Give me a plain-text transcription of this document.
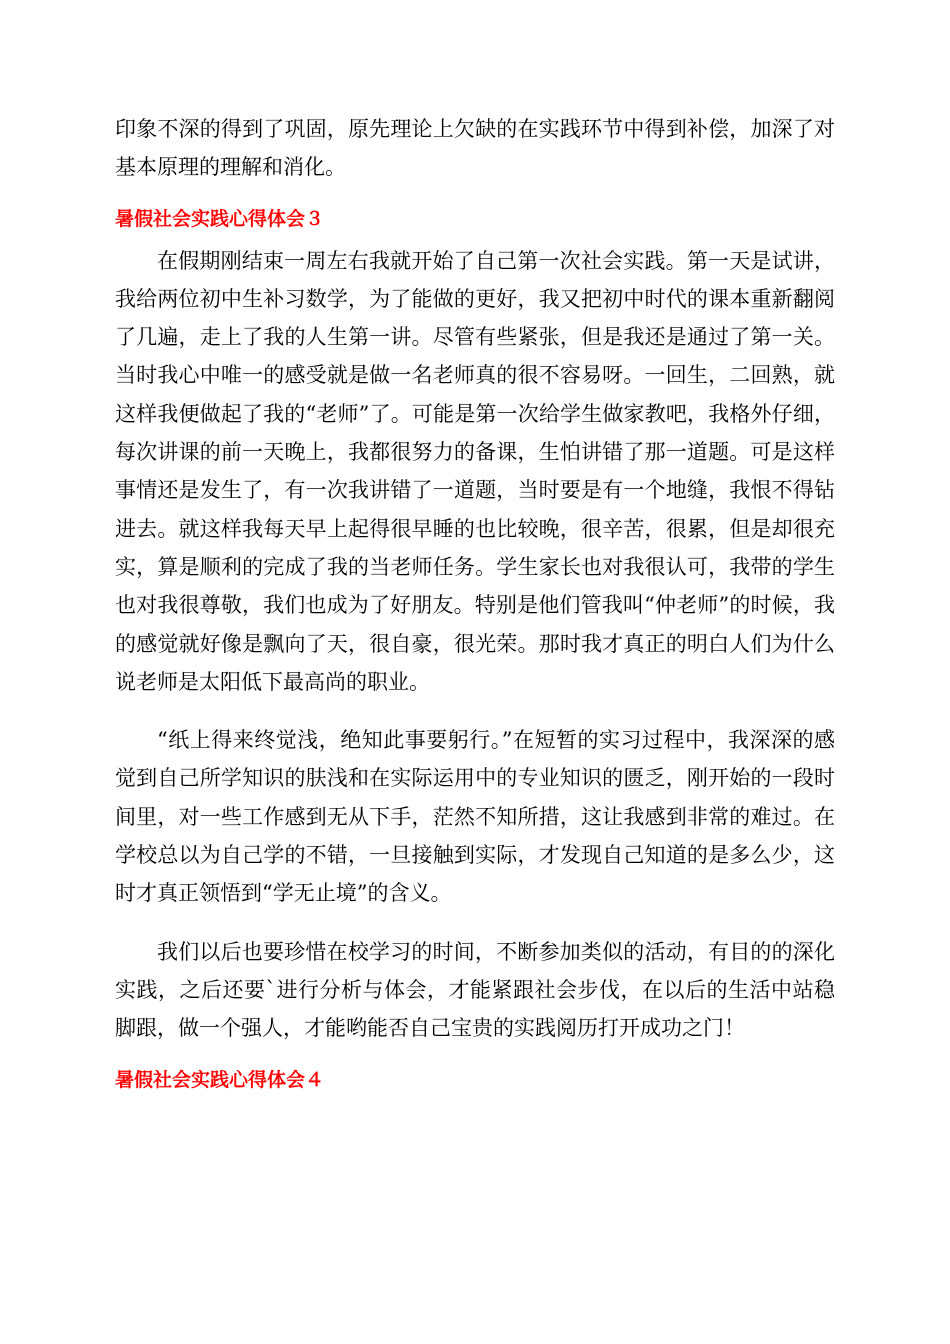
印象不深的得到了巩固，原先理论上欠缺的在实践环节中得到补偿，加深了对基本原理的理解和消化。

暑假社会实践心得体会３

在假期刚结束一周左右我就开始了自己第一次社会实践。第一天是试讲，我给两位初中生补习数学，为了能做的更好，我又把初中时代的课本重新翻阅了几遍，走上了我的人生第一讲。尽管有些紧张，但是我还是通过了第一关。当时我心中唯一的感受就是做一名老师真的很不容易呀。一回生，二回熟，就这样我便做起了我的“老师”了。可能是第一次给学生做家教吧，我格外仔细，每次讲课的前一天晚上，我都很努力的备课，生怕讲错了那一道题。可是这样事情还是发生了，有一次我讲错了一道题，当时要是有一个地缝，我恨不得钻进去。就这样我每天早上起得很早睡的也比较晚，很辛苦，很累，但是却很充实，算是顺利的完成了我的当老师任务。学生家长也对我很认可，我带的学生也对我很尊敬，我们也成为了好朋友。特别是他们管我叫“仲老师”的时候，我的感觉就好像是飘向了天，很自豪，很光荣。那时我才真正的明白人们为什么说老师是太阳低下最高尚的职业。

“纸上得来终觉浅，绝知此事要躬行。”在短暂的实习过程中，我深深的感觉到自己所学知识的肤浅和在实际运用中的专业知识的匮乏，刚开始的一段时间里，对一些工作感到无从下手，茫然不知所措，这让我感到非常的难过。在学校总以为自己学的不错，一旦接触到实际，才发现自己知道的是多么少，这时才真正领悟到“学无止境”的含义。

我们以后也要珍惜在校学习的时间，不断参加类似的活动，有目的的深化实践，之后还要`进行分析与体会，才能紧跟社会步伐，在以后的生活中站稳脚跟，做一个强人，才能哟能否自己宝贵的实践阅历打开成功之门！

暑假社会实践心得体会４
